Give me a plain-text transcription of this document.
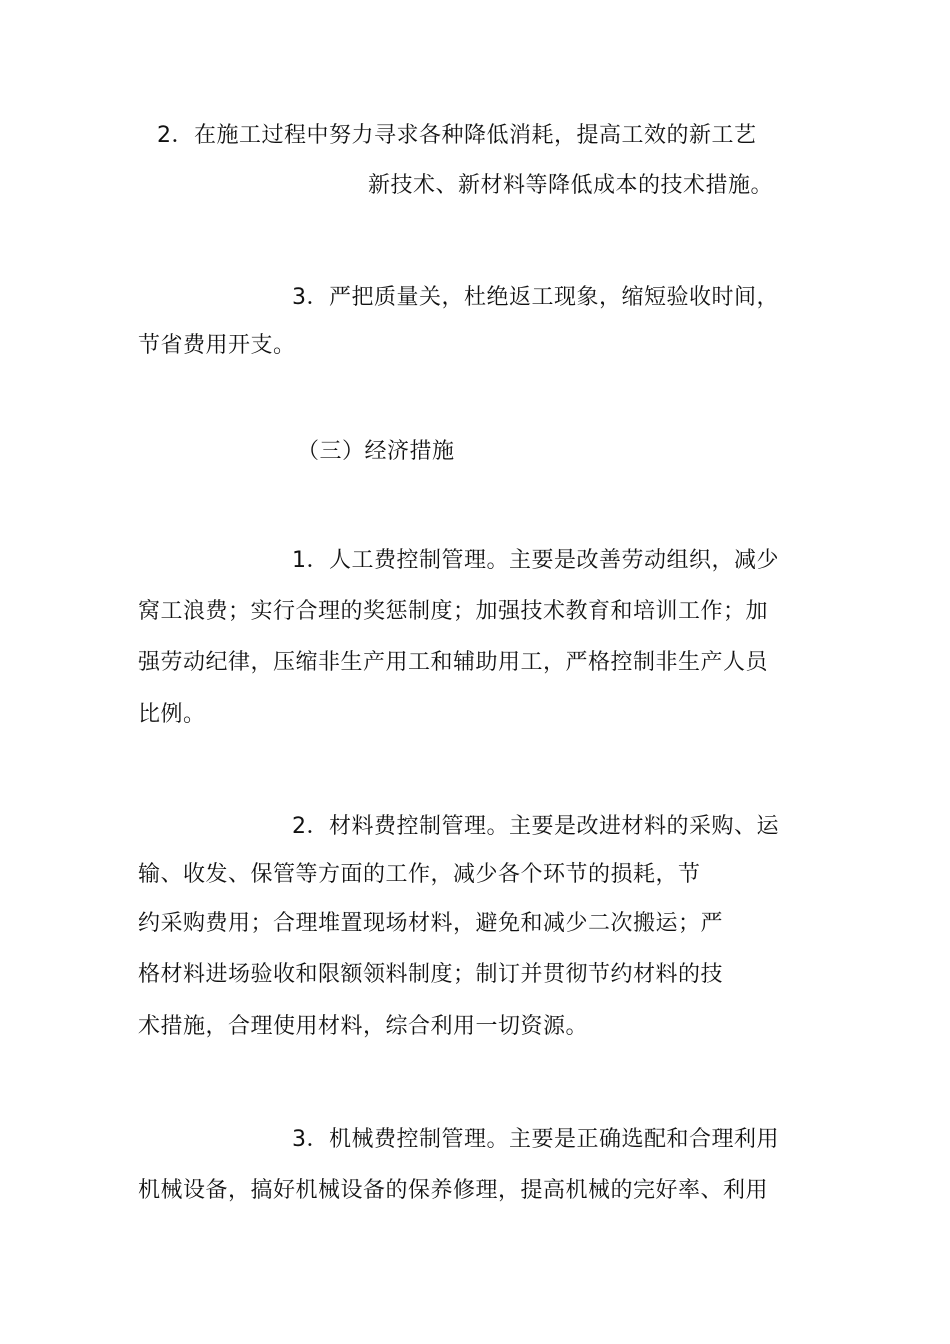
2．在施工过程中努力寻求各种降低消耗，提高工效的新工艺
新技术、新材料等降低成本的技术措施。
3．严把质量关，杜绝返工现象，缩短验收时间，
节省费用开支。
（三）经济措施
1．人工费控制管理。主要是改善劳动组织，减少
窝工浪费；实行合理的奖惩制度；加强技术教育和培训工作；加
强劳动纪律，压缩非生产用工和辅助用工，严格控制非生产人员
比例。
2．材料费控制管理。主要是改进材料的采购、运
输、收发、保管等方面的工作，减少各个环节的损耗，节
约采购费用；合理堆置现场材料，避免和减少二次搬运；严
格材料进场验收和限额领料制度；制订并贯彻节约材料的技
术措施，合理使用材料，综合利用一切资源。
3．机械费控制管理。主要是正确选配和合理利用
机械设备，搞好机械设备的保养修理，提高机械的完好率、利用
